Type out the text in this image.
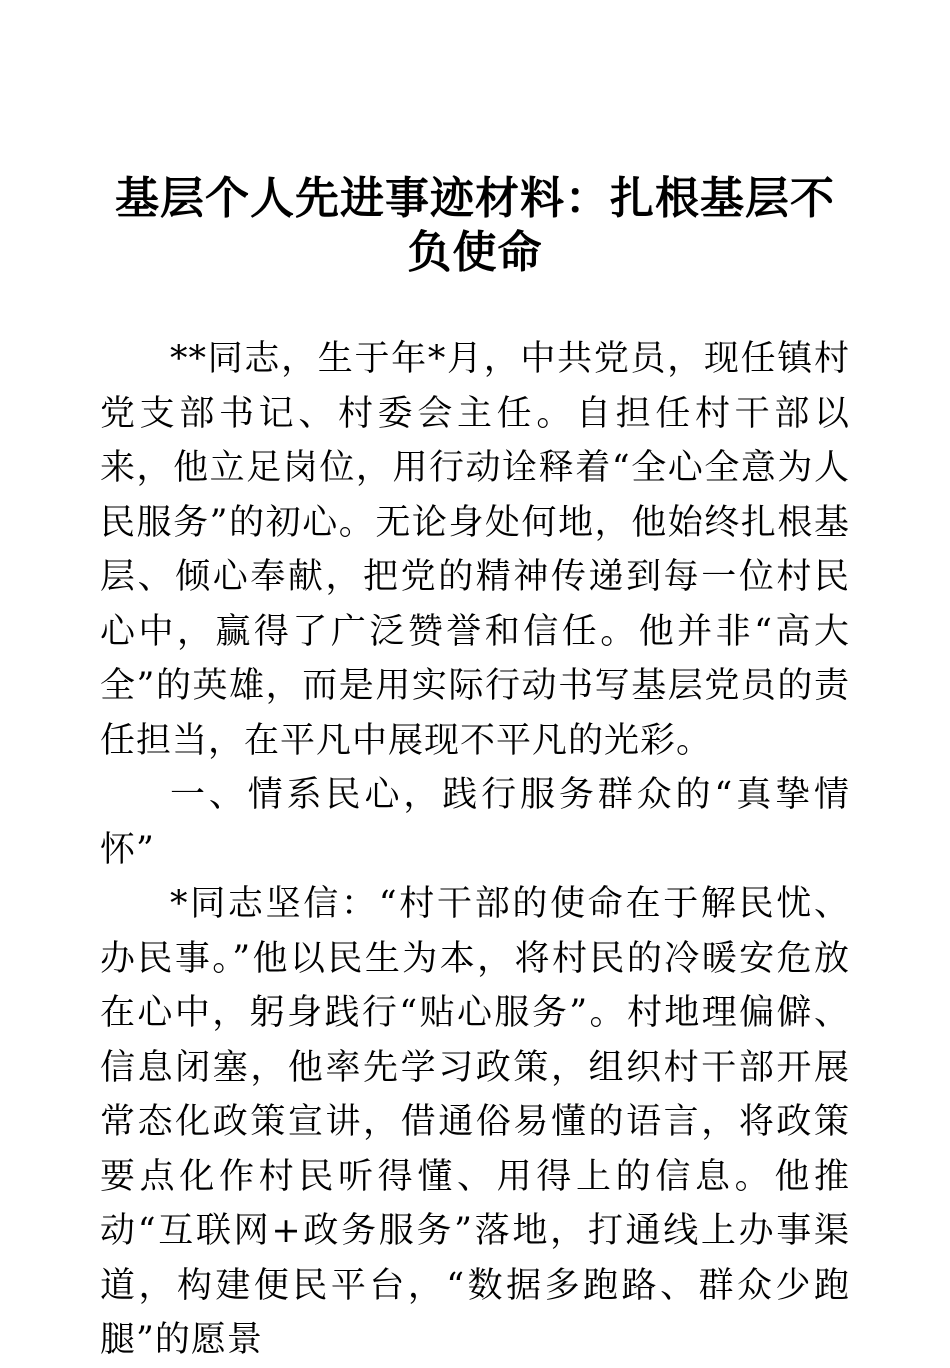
基层个人先进事迹材料：扎根基层不负使命

**同志，生于年*月，中共党员，现任镇村党支部书记、村委会主任。自担任村干部以来，他立足岗位，用行动诠释着“全心全意为人民服务”的初心。无论身处何地，他始终扎根基层、倾心奉献，把党的精神传递到每一位村民心中，赢得了广泛赞誉和信任。他并非“高大全”的英雄，而是用实际行动书写基层党员的责任担当，在平凡中展现不平凡的光彩。

一、情系民心，践行服务群众的“真挚情怀”

*同志坚信：“村干部的使命在于解民忧、办民事。”他以民生为本，将村民的冷暖安危放在心中，躬身践行“贴心服务”。村地理偏僻、信息闭塞，他率先学习政策，组织村干部开展常态化政策宣讲，借通俗易懂的语言，将政策要点化作村民听得懂、用得上的信息。他推动“互联网+政务服务”落地，打通线上办事渠道，构建便民平台，“数据多跑路、群众少跑腿”的愿景
